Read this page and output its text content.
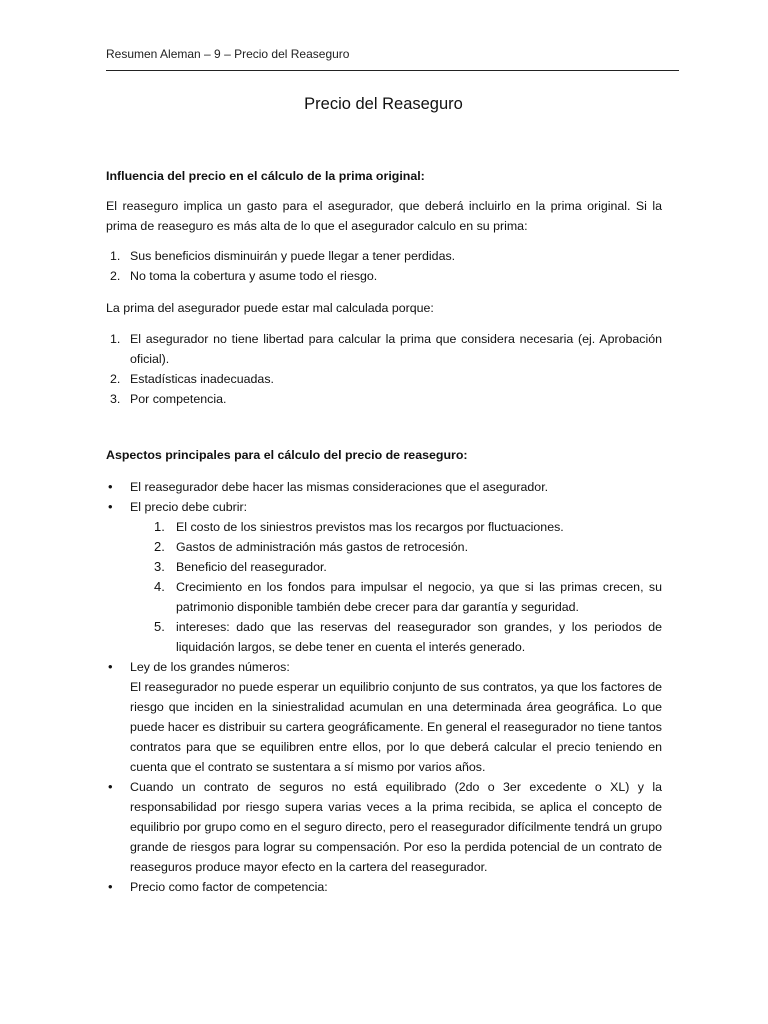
Resumen Aleman – 9 – Precio del Reaseguro
Precio del Reaseguro

Influencia del precio en el cálculo de la prima original:

El reaseguro implica un gasto para el asegurador, que deberá incluirlo en la prima original. Si la prima de reaseguro es más alta de lo que el asegurador calculo en su prima:

1. Sus beneficios disminuirán y puede llegar a tener perdidas.
2. No toma la cobertura y asume todo el riesgo.

La prima del asegurador puede estar mal calculada porque:

1. El asegurador no tiene libertad para calcular la prima que considera necesaria (ej. Aprobación oficial).
2. Estadísticas inadecuadas.
3. Por competencia.

Aspectos principales para el cálculo del precio de reaseguro:

• El reasegurador debe hacer las mismas consideraciones que el asegurador.
• El precio debe cubrir:
1. El costo de los siniestros previstos mas los recargos por fluctuaciones.
2. Gastos de administración más gastos de retrocesión.
3. Beneficio del reasegurador.
4. Crecimiento en los fondos para impulsar el negocio, ya que si las primas crecen, su patrimonio disponible también debe crecer para dar garantía y seguridad.
5. intereses: dado que las reservas del reasegurador son grandes, y los periodos de liquidación largos, se debe tener en cuenta el interés generado.
• Ley de los grandes números:

El reasegurador no puede esperar un equilibrio conjunto de sus contratos, ya que los factores de riesgo que inciden en la siniestralidad acumulan en una determinada área geográfica. Lo que puede hacer es distribuir su cartera geográficamente. En general el reasegurador no tiene tantos contratos para que se equilibren entre ellos, por lo que deberá calcular el precio teniendo en cuenta que el contrato se sustentara a sí mismo por varios años.

• Cuando un contrato de seguros no está equilibrado (2do o 3er excedente o XL) y la responsabilidad por riesgo supera varias veces a la prima recibida, se aplica el concepto de equilibrio por grupo como en el seguro directo, pero el reasegurador difícilmente tendrá un grupo grande de riesgos para lograr su compensación. Por eso la perdida potencial de un contrato de reaseguros produce mayor efecto en la cartera del reasegurador.
• Precio como factor de competencia:
